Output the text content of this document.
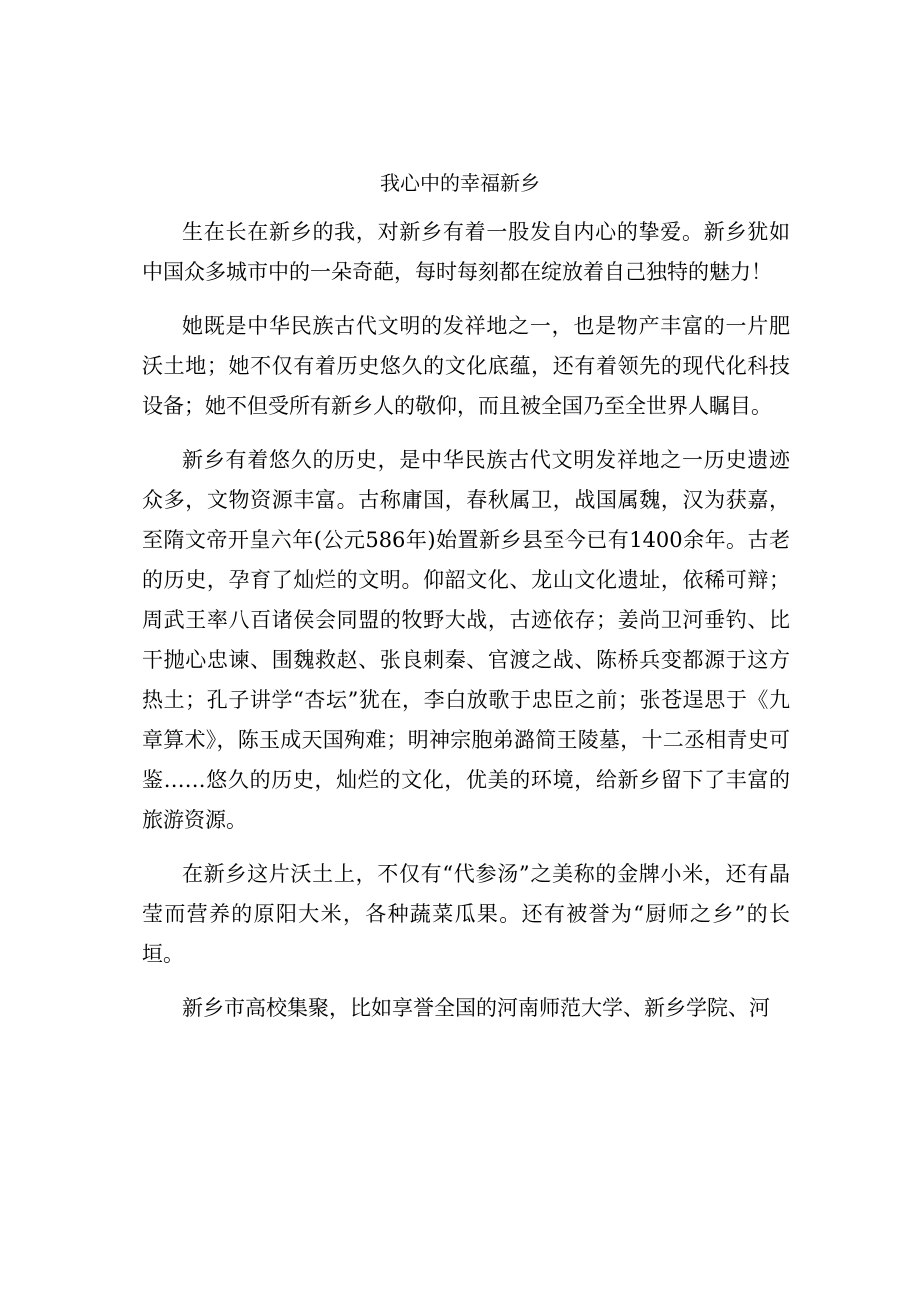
我心中的幸福新乡

生在长在新乡的我，对新乡有着一股发自内心的挚爱。新乡犹如中国众多城市中的一朵奇葩，每时每刻都在绽放着自己独特的魅力！

她既是中华民族古代文明的发祥地之一，也是物产丰富的一片肥沃土地；她不仅有着历史悠久的文化底蕴，还有着领先的现代化科技设备；她不但受所有新乡人的敬仰，而且被全国乃至全世界人瞩目。

新乡有着悠久的历史，是中华民族古代文明发祥地之一历史遗迹众多，文物资源丰富。古称庸国，春秋属卫，战国属魏，汉为获嘉，至隋文帝开皇六年(公元586年)始置新乡县至今已有1400余年。古老的历史，孕育了灿烂的文明。仰韶文化、龙山文化遗址，依稀可辩；周武王率八百诸侯会同盟的牧野大战，古迹依存；姜尚卫河垂钓、比干抛心忠谏、围魏救赵、张良刺秦、官渡之战、陈桥兵变都源于这方热土；孔子讲学“杏坛”犹在，李白放歌于忠臣之前；张苍逞思于《九章算术》，陈玉成天国殉难；明神宗胞弟潞简王陵墓，十二丞相青史可鉴……悠久的历史，灿烂的文化，优美的环境，给新乡留下了丰富的旅游资源。

在新乡这片沃土上，不仅有“代参汤”之美称的金牌小米，还有晶莹而营养的原阳大米，各种蔬菜瓜果。还有被誉为“厨师之乡”的长垣。

新乡市高校集聚，比如享誉全国的河南师范大学、新乡学院、河
